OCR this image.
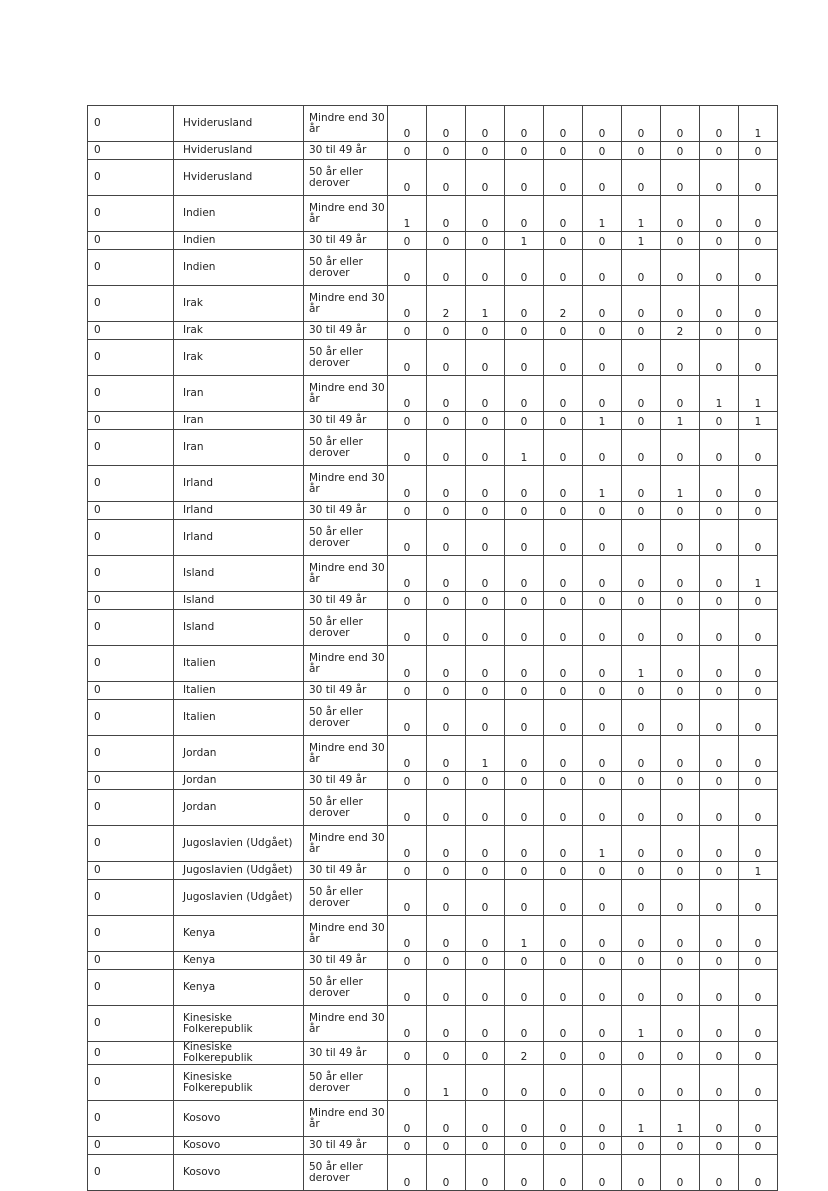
0	Hviderusland	Mindre end 30 år	0	0	0	0	0	0	0	0	0	1
0	Hviderusland	30 til 49 år	0	0	0	0	0	0	0	0	0	0
0	Hviderusland	50 år eller derover	0	0	0	0	0	0	0	0	0	0
0	Indien	Mindre end 30 år	1	0	0	0	0	1	1	0	0	0
0	Indien	30 til 49 år	0	0	0	1	0	0	1	0	0	0
0	Indien	50 år eller derover	0	0	0	0	0	0	0	0	0	0
0	Irak	Mindre end 30 år	0	2	1	0	2	0	0	0	0	0
0	Irak	30 til 49 år	0	0	0	0	0	0	0	2	0	0
0	Irak	50 år eller derover	0	0	0	0	0	0	0	0	0	0
0	Iran	Mindre end 30 år	0	0	0	0	0	0	0	0	1	1
0	Iran	30 til 49 år	0	0	0	0	0	1	0	1	0	1
0	Iran	50 år eller derover	0	0	0	1	0	0	0	0	0	0
0	Irland	Mindre end 30 år	0	0	0	0	0	1	0	1	0	0
0	Irland	30 til 49 år	0	0	0	0	0	0	0	0	0	0
0	Irland	50 år eller derover	0	0	0	0	0	0	0	0	0	0
0	Island	Mindre end 30 år	0	0	0	0	0	0	0	0	0	1
0	Island	30 til 49 år	0	0	0	0	0	0	0	0	0	0
0	Island	50 år eller derover	0	0	0	0	0	0	0	0	0	0
0	Italien	Mindre end 30 år	0	0	0	0	0	0	1	0	0	0
0	Italien	30 til 49 år	0	0	0	0	0	0	0	0	0	0
0	Italien	50 år eller derover	0	0	0	0	0	0	0	0	0	0
0	Jordan	Mindre end 30 år	0	0	1	0	0	0	0	0	0	0
0	Jordan	30 til 49 år	0	0	0	0	0	0	0	0	0	0
0	Jordan	50 år eller derover	0	0	0	0	0	0	0	0	0	0
0	Jugoslavien (Udgået)	Mindre end 30 år	0	0	0	0	0	1	0	0	0	0
0	Jugoslavien (Udgået)	30 til 49 år	0	0	0	0	0	0	0	0	0	1
0	Jugoslavien (Udgået)	50 år eller derover	0	0	0	0	0	0	0	0	0	0
0	Kenya	Mindre end 30 år	0	0	0	1	0	0	0	0	0	0
0	Kenya	30 til 49 år	0	0	0	0	0	0	0	0	0	0
0	Kenya	50 år eller derover	0	0	0	0	0	0	0	0	0	0
0	Kinesiske Folkerepublik	Mindre end 30 år	0	0	0	0	0	0	1	0	0	0
0	Kinesiske Folkerepublik	30 til 49 år	0	0	0	2	0	0	0	0	0	0
0	Kinesiske Folkerepublik	50 år eller derover	0	1	0	0	0	0	0	0	0	0
0	Kosovo	Mindre end 30 år	0	0	0	0	0	0	1	1	0	0
0	Kosovo	30 til 49 år	0	0	0	0	0	0	0	0	0	0
0	Kosovo	50 år eller derover	0	0	0	0	0	0	0	0	0	0
